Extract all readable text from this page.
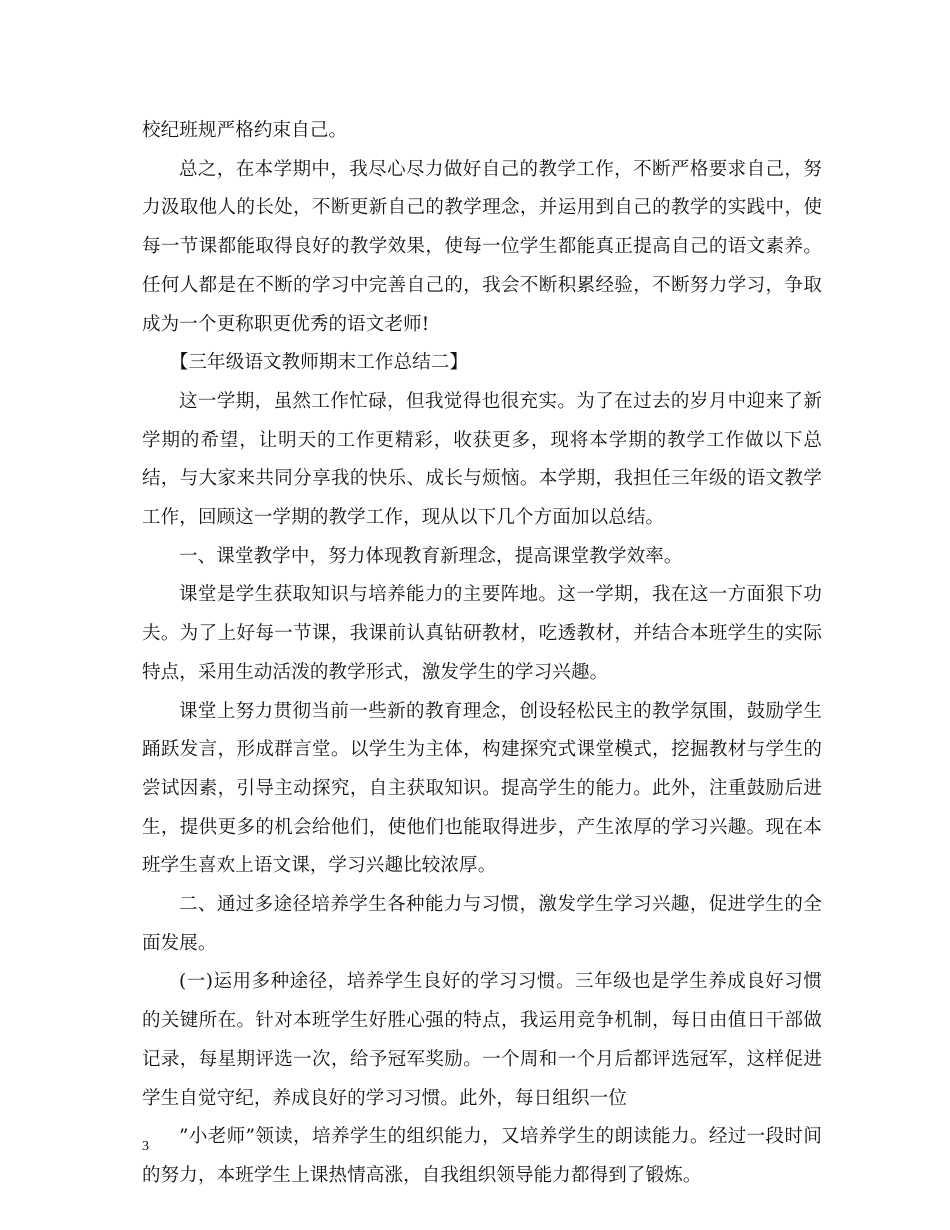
校纪班规严格约束自己。

总之，在本学期中，我尽心尽力做好自己的教学工作，不断严格要求自己，努力汲取他人的长处，不断更新自己的教学理念，并运用到自己的教学的实践中，使每一节课都能取得良好的教学效果，使每一位学生都能真正提高自己的语文素养。任何人都是在不断的学习中完善自己的，我会不断积累经验，不断努力学习，争取成为一个更称职更优秀的语文老师!

【三年级语文教师期末工作总结二】

这一学期，虽然工作忙碌，但我觉得也很充实。为了在过去的岁月中迎来了新学期的希望，让明天的工作更精彩，收获更多，现将本学期的教学工作做以下总结，与大家来共同分享我的快乐、成长与烦恼。本学期，我担任三年级的语文教学工作，回顾这一学期的教学工作，现从以下几个方面加以总结。

一、课堂教学中，努力体现教育新理念，提高课堂教学效率。

课堂是学生获取知识与培养能力的主要阵地。这一学期，我在这一方面狠下功夫。为了上好每一节课，我课前认真钻研教材，吃透教材，并结合本班学生的实际特点，采用生动活泼的教学形式，激发学生的学习兴趣。

课堂上努力贯彻当前一些新的教育理念，创设轻松民主的教学氛围，鼓励学生踊跃发言，形成群言堂。以学生为主体，构建探究式课堂模式，挖掘教材与学生的尝试因素，引导主动探究，自主获取知识。提高学生的能力。此外，注重鼓励后进生，提供更多的机会给他们，使他们也能取得进步，产生浓厚的学习兴趣。现在本班学生喜欢上语文课，学习兴趣比较浓厚。

二、通过多途径培养学生各种能力与习惯，激发学生学习兴趣，促进学生的全面发展。

(一)运用多种途径，培养学生良好的学习习惯。三年级也是学生养成良好习惯的关键所在。针对本班学生好胜心强的特点，我运用竞争机制，每日由值日干部做记录，每星期评选一次，给予冠军奖励。一个周和一个月后都评选冠军，这样促进学生自觉守纪，养成良好的学习习惯。此外，每日组织一位

”小老师”领读，培养学生的组织能力，又培养学生的朗读能力。经过一段时间的努力，本班学生上课热情高涨，自我组织领导能力都得到了锻炼。

3
